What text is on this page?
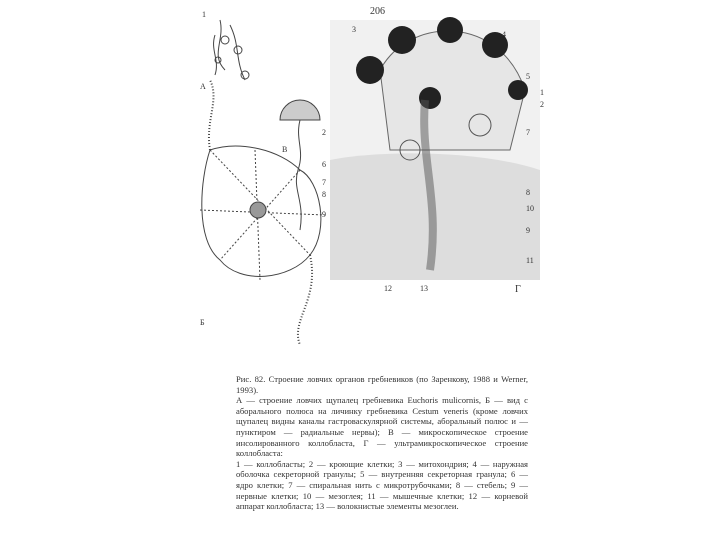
206
А
В
Б
Г
1
2
6
7
8
9
3
4
5
1
2
7
8
10
9
11
12	13

Рис. 82. Строение ловчих органов гребневиков (по Заренкову, 1988 и Werner, 1993).

А — строение ловчих щупалец гребневика Euchoris mulicornis, Б — вид с аборального полюса на личинку гребневика Cestum veneris (кроме ловчих щупалец видны каналы гастроваскулярной системы, аборальный полюс и — пунктиром — радиальные нервы); В — микроскопическое строение инсолированного коллобласта, Г — ультрамикроскопическое строение коллобласта:

1 — коллобласты; 2 — кроющие клетки; 3 — митохондрия; 4 — наружная оболочка секреторной гранулы; 5 — внутренняя секреторная гранула; 6 — ядро клетки; 7 — спиральная нить с микротрубочками; 8 — стебель; 9 — нервные клетки; 10 — мезоглея; 11 — мышечные клетки; 12 — корневой аппарат коллобласта; 13 — волокнистые элементы мезоглеи.
